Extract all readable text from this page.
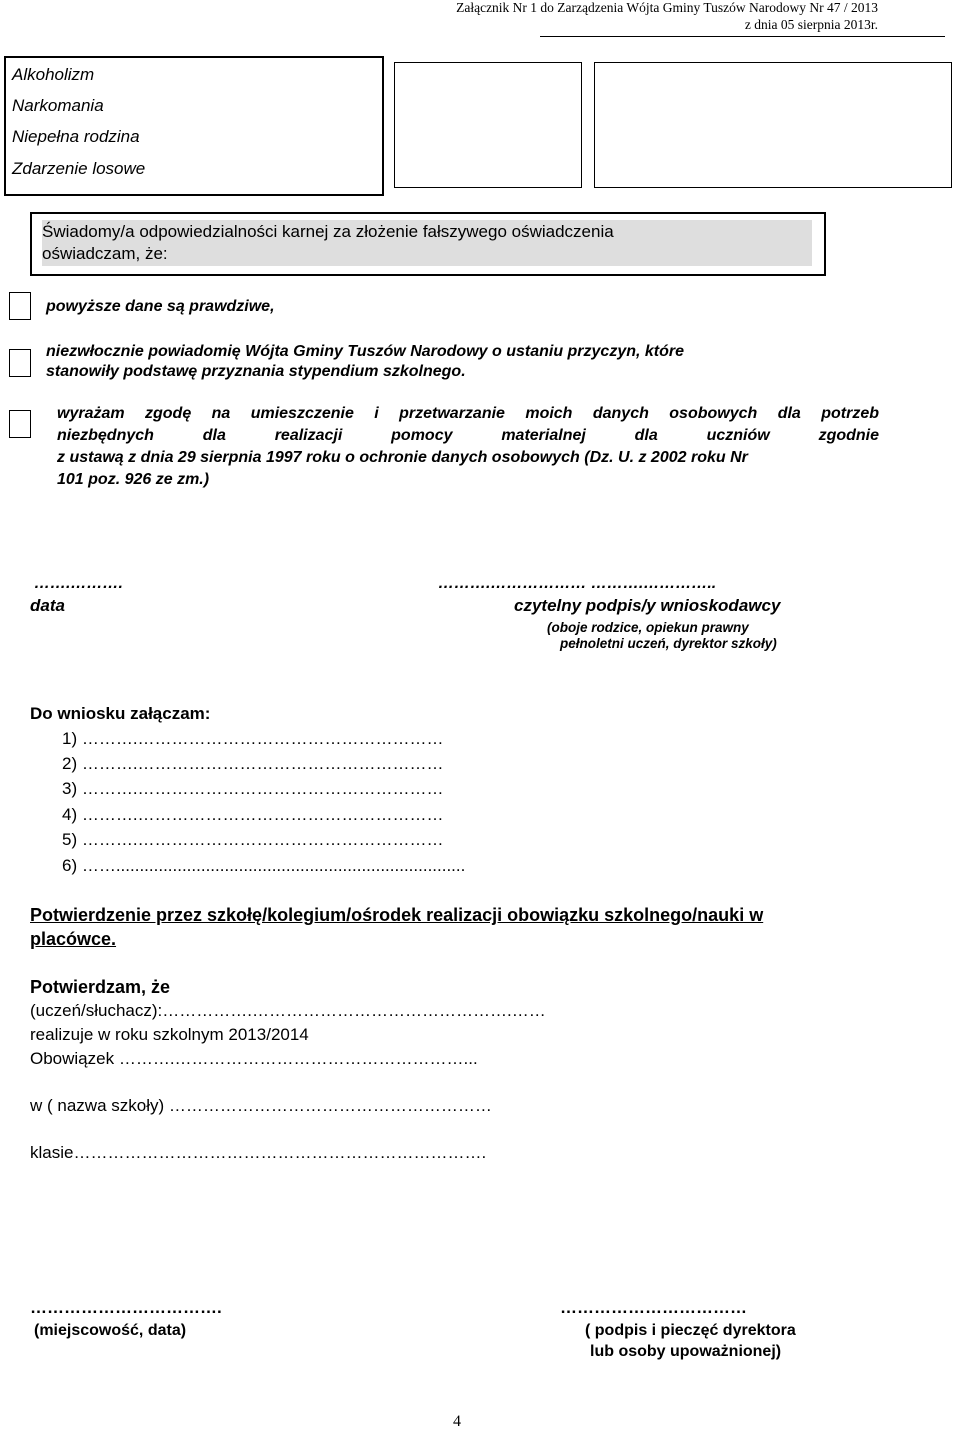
Załącznik Nr 1 do Zarządzenia Wójta Gminy Tuszów Narodowy Nr 47 / 2013
z dnia 05 sierpnia 2013r.
Alkoholizm
Narkomania
Niepełna rodzina
Zdarzenie losowe
Świadomy/a odpowiedzialności karnej za złożenie fałszywego oświadczenia
oświadczam, że:
powyższe dane są prawdziwe,
niezwłocznie powiadomię Wójta Gminy Tuszów Narodowy o ustaniu przyczyn, które
stanowiły podstawę przyznania stypendium szkolnego.
wyrażam zgodę na umieszczenie i przetwarzanie moich danych osobowych dla potrzeb
niezbędnych dla realizacji pomocy materialnej dla uczniów zgodnie
z ustawą z dnia 29 sierpnia 1997 roku o ochronie danych osobowych (Dz. U. z 2002 roku Nr
101 poz. 926 ze zm.)
…….……….	……….……………… ……….…………..
data	czytelny podpis/y wnioskodawcy
(oboje rodzice, opiekun prawny
pełnoletni uczeń, dyrektor szkoły)
Do wniosku załączam:
1) ……….………………………………………………
2) ……….………………………………………………
3) ……….………………………………………………
4) ……….………………………………………………
5) ……….………………………………………………
6) ……..........................................................................
Potwierdzenie przez szkołę/kolegium/ośrodek realizacji obowiązku szkolnego/nauki w
placówce.
Potwierdzam, że
(uczeń/słuchacz):…………….……………………………………….……
realizuje w roku szkolnym 2013/2014
Obowiązek ……….……………………………………………...
w ( nazwa szkoły) …………………………………………………
klasie……………………………………………………………….
…………………………….	……………………………
(miejscowość, data)	( podpis i pieczęć dyrektora
lub osoby upoważnionej)
4
